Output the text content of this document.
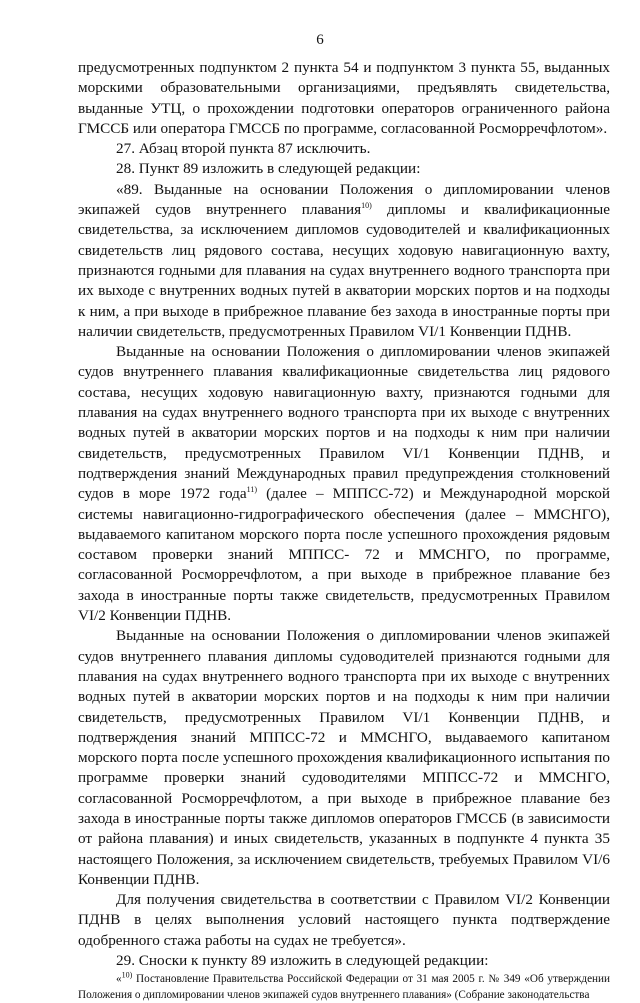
6

предусмотренных подпунктом 2 пункта 54 и подпунктом 3 пункта 55, выданных морскими образовательными организациями, предъявлять свидетельства, выданные УТЦ, о прохождении подготовки операторов ограниченного района ГМССБ или оператора ГМССБ по программе, согласованной Росморречфлотом».

27. Абзац второй пункта 87 исключить.

28. Пункт 89 изложить в следующей редакции:

«89. Выданные на основании Положения о дипломировании членов экипажей судов внутреннего плавания$^{10)}$ дипломы и квалификационные свидетельства, за исключением дипломов судоводителей и квалификационных свидетельств лиц рядового состава, несущих ходовую навигационную вахту, признаются годными для плавания на судах внутреннего водного транспорта при их выходе с внутренних водных путей в акватории морских портов и на подходы к ним, а при выходе в прибрежное плавание без захода в иностранные порты при наличии свидетельств, предусмотренных Правилом VI/1 Конвенции ПДНВ.

Выданные на основании Положения о дипломировании членов экипажей судов внутреннего плавания квалификационные свидетельства лиц рядового состава, несущих ходовую навигационную вахту, признаются годными для плавания на судах внутреннего водного транспорта при их выходе с внутренних водных путей в акватории морских портов и на подходы к ним при наличии свидетельств, предусмотренных Правилом VI/1 Конвенции ПДНВ, и подтверждения знаний Международных правил предупреждения столкновений судов в море 1972 года$^{11)}$ (далее – МППСС-72) и Международной морской системы навигационно-гидрографического обеспечения (далее – ММСНГО), выдаваемого капитаном морского порта после успешного прохождения рядовым составом проверки знаний МППСС- 72 и ММСНГО, по программе, согласованной Росморречфлотом, а при выходе в прибрежное плавание без захода в иностранные порты также свидетельств, предусмотренных Правилом VI/2 Конвенции ПДНВ.

Выданные на основании Положения о дипломировании членов экипажей судов внутреннего плавания дипломы судоводителей признаются годными для плавания на судах внутреннего водного транспорта при их выходе с внутренних водных путей в акватории морских портов и на подходы к ним при наличии свидетельств, предусмотренных Правилом VI/1 Конвенции ПДНВ, и подтверждения знаний МППСС-72 и ММСНГО, выдаваемого капитаном морского порта после успешного прохождения квалификационного испытания по программе проверки знаний судоводителями МППСС-72 и ММСНГО, согласованной Росморречфлотом, а при выходе в прибрежное плавание без захода в иностранные порты также дипломов операторов ГМССБ (в зависимости от района плавания) и иных свидетельств, указанных в подпункте 4 пункта 35 настоящего Положения, за исключением свидетельств, требуемых Правилом VI/6 Конвенции ПДНВ.

Для получения свидетельства в соответствии с Правилом VI/2 Конвенции ПДНВ в целях выполнения условий настоящего пункта подтверждение одобренного стажа работы на судах не требуется».

29. Сноски к пункту 89 изложить в следующей редакции:

«$^{10)}$ Постановление Правительства Российской Федерации от 31 мая 2005 г. № 349 «Об утверждении Положения о дипломировании членов экипажей судов внутреннего плавания» (Собрание законодательства
